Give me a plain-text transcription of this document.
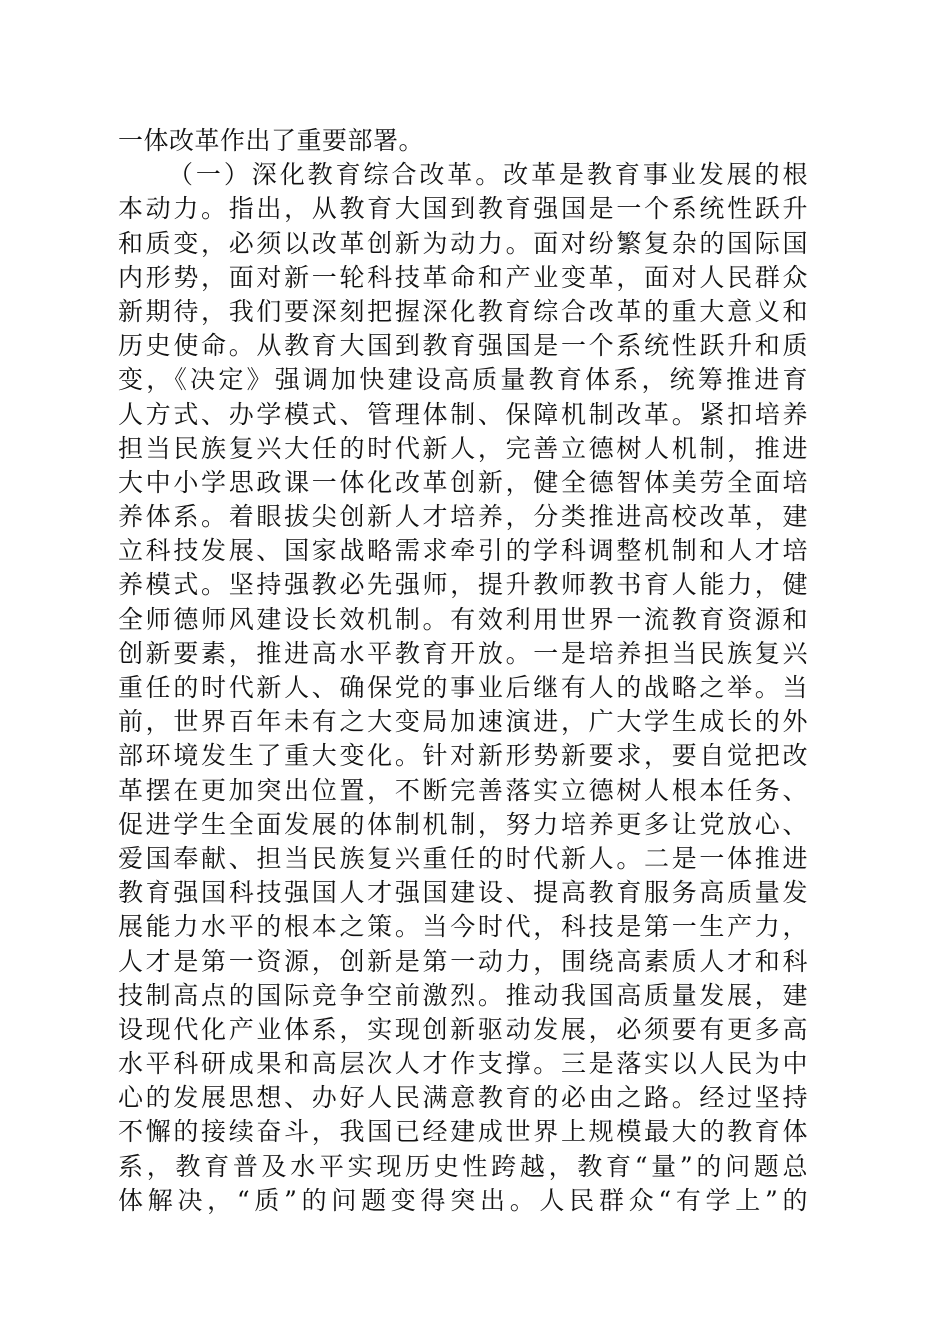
一体改革作出了重要部署。
（一）深化教育综合改革。改革是教育事业发展的根
本动力。指出，从教育大国到教育强国是一个系统性跃升
和质变，必须以改革创新为动力。面对纷繁复杂的国际国
内形势，面对新一轮科技革命和产业变革，面对人民群众
新期待，我们要深刻把握深化教育综合改革的重大意义和
历史使命。从教育大国到教育强国是一个系统性跃升和质
变，《决定》强调加快建设高质量教育体系，统筹推进育
人方式、办学模式、管理体制、保障机制改革。紧扣培养
担当民族复兴大任的时代新人，完善立德树人机制，推进
大中小学思政课一体化改革创新，健全德智体美劳全面培
养体系。着眼拔尖创新人才培养，分类推进高校改革，建
立科技发展、国家战略需求牵引的学科调整机制和人才培
养模式。坚持强教必先强师，提升教师教书育人能力，健
全师德师风建设长效机制。有效利用世界一流教育资源和
创新要素，推进高水平教育开放。一是培养担当民族复兴
重任的时代新人、确保党的事业后继有人的战略之举。当
前，世界百年未有之大变局加速演进，广大学生成长的外
部环境发生了重大变化。针对新形势新要求，要自觉把改
革摆在更加突出位置，不断完善落实立德树人根本任务、
促进学生全面发展的体制机制，努力培养更多让党放心、
爱国奉献、担当民族复兴重任的时代新人。二是一体推进
教育强国科技强国人才强国建设、提高教育服务高质量发
展能力水平的根本之策。当今时代，科技是第一生产力，
人才是第一资源，创新是第一动力，围绕高素质人才和科
技制高点的国际竞争空前激烈。推动我国高质量发展，建
设现代化产业体系，实现创新驱动发展，必须要有更多高
水平科研成果和高层次人才作支撑。三是落实以人民为中
心的发展思想、办好人民满意教育的必由之路。经过坚持
不懈的接续奋斗，我国已经建成世界上规模最大的教育体
系，教育普及水平实现历史性跨越，教育“量”的问题总
体解决，“质”的问题变得突出。人民群众“有学上”的
